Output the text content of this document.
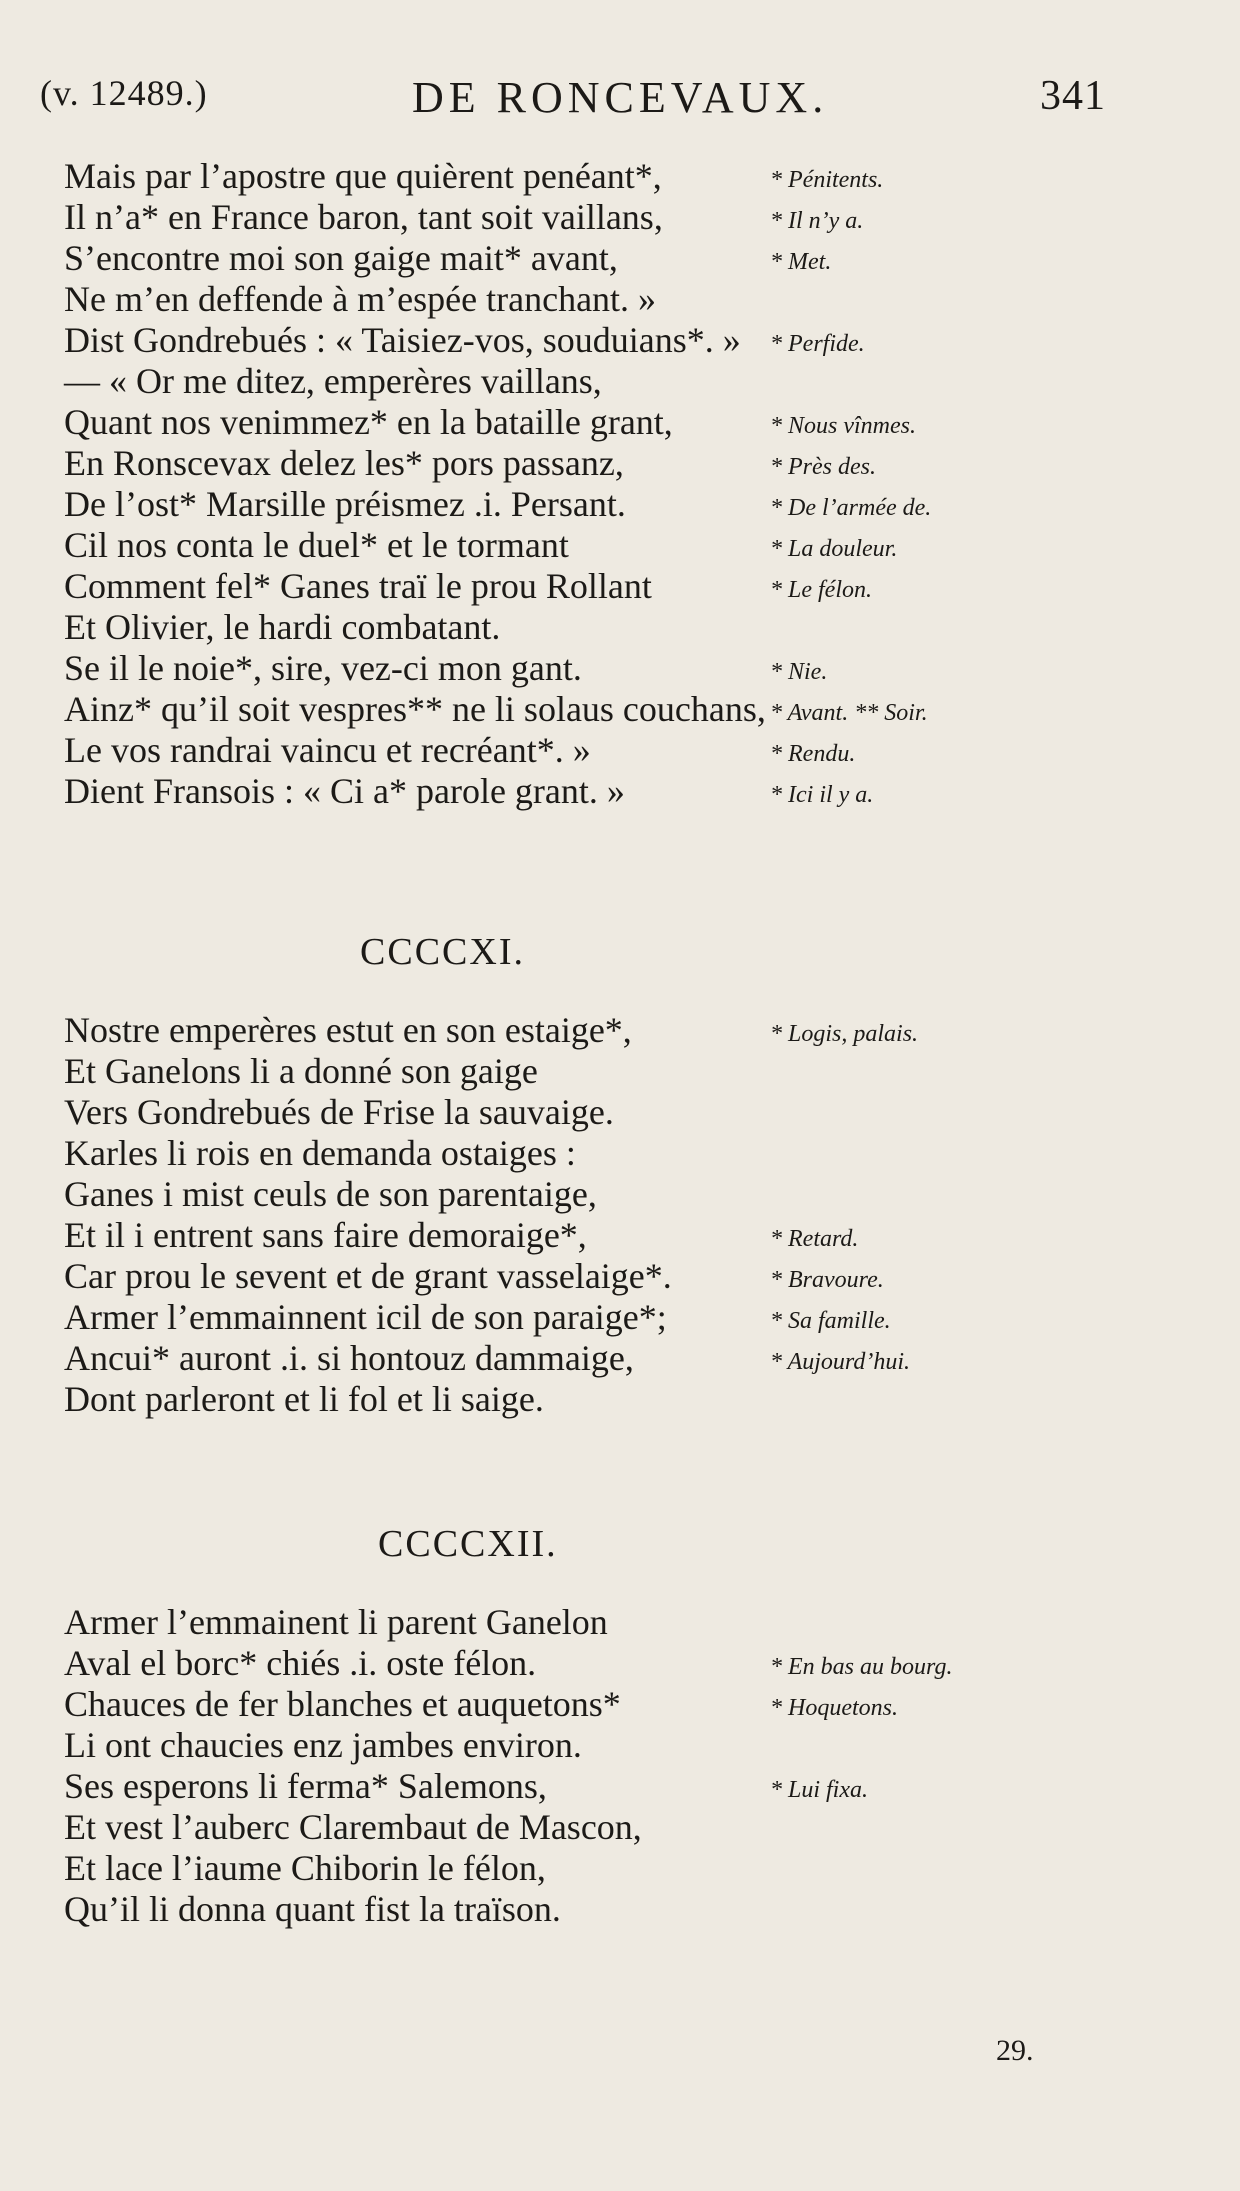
(v. 12489.)	DE RONCEVAUX.	341
Mais par l’apostre que quièrent penéant*,
Il n’a* en France baron, tant soit vaillans,
S’encontre moi son gaige mait* avant,
Ne m’en deffende à m’espée tranchant. »
Dist Gondrebués : « Taisiez-vos, souduians*. »
— « Or me ditez, emperères vaillans,
Quant nos venimmez* en la bataille grant,
En Ronscevax delez les* pors passanz,
De l’ost* Marsille préismez .i. Persant.
Cil nos conta le duel* et le tormant
Comment fel* Ganes traï le prou Rollant
Et Olivier, le hardi combatant.
Se il le noie*, sire, vez-ci mon gant.
Ainz* qu’il soit vespres** ne li solaus couchans,
Le vos randrai vaincu et recréant*. »
Dient Fransois : « Ci a* parole grant. »
* Pénitents.
* Il n’y a.
* Met.
* Perfide.
* Nous vînmes.
* Près des.
* De l’armée de.
* La douleur.
* Le félon.
* Nie.
* Avant. ** Soir.
* Rendu.
* Ici il y a.
CCCCXI.
Nostre emperères estut en son estaige*,
Et Ganelons li a donné son gaige
Vers Gondrebués de Frise la sauvaige.
Karles li rois en demanda ostaiges :
Ganes i mist ceuls de son parentaige,
Et il i entrent sans faire demoraige*,
Car prou le sevent et de grant vasselaige*.
Armer l’emmainnent icil de son paraige*;
Ancui* auront .i. si hontouz dammaige,
Dont parleront et li fol et li saige.
* Logis, palais.
* Retard.
* Bravoure.
* Sa famille.
* Aujourd’hui.
CCCCXII.
Armer l’emmainent li parent Ganelon
Aval el borc* chiés .i. oste félon.
Chauces de fer blanches et auquetons*
Li ont chaucies enz jambes environ.
Ses esperons li ferma* Salemons,
Et vest l’auberc Clarembaut de Mascon,
Et lace l’iaume Chiborin le félon,
Qu’il li donna quant fist la traïson.
* En bas au bourg.
* Hoquetons.
* Lui fixa.
29.
